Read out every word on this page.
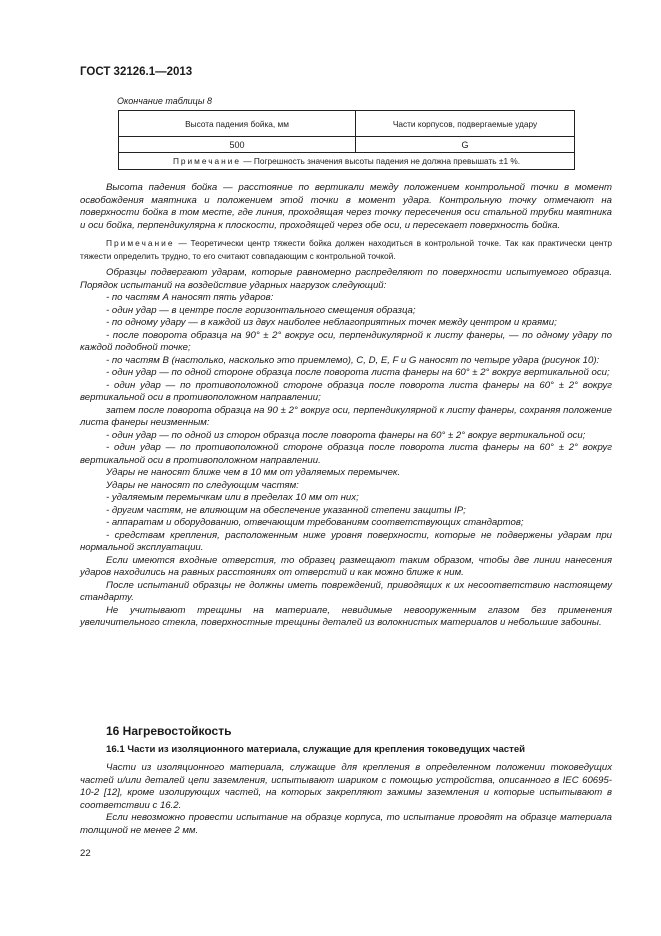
ГОСТ 32126.1—2013
Окончание таблицы 8
Высота падения бойка, мм	Части корпусов, подвергаемые удару
500	G
Примечание — Погрешность значения высоты падения не должна превышать ±1 %.	

Высота падения бойка — расстояние по вертикали между положением контрольной точки в момент освобождения маятника и положением этой точки в момент удара. Контрольную точку отмечают на поверхности бойка в том месте, где линия, проходящая через точку пересечения оси стальной трубки маятника и оси бойка, перпендикулярна к плоскости, проходящей через обе оси, и пересекает поверхность бойка.

Примечание — Теоретически центр тяжести бойка должен находиться в контрольной точке. Так как практически центр тяжести определить трудно, то его считают совпадающим с контрольной точкой.

Образцы подвергают ударам, которые равномерно распределяют по поверхности испытуемого образца. Порядок испытаний на воздействие ударных нагрузок следующий:

- по частям А наносят пять ударов:

- один удар — в центре после горизонтального смещения образца;

- по одному удару — в каждой из двух наиболее неблагоприятных точек между центром и краями;

- после поворота образца на 90° ± 2° вокруг оси, перпендикулярной к листу фанеры, — по одному удару по каждой подобной точке;

- по частям В (настолько, насколько это приемлемо), C, D, E, F и G наносят по четыре удара (рисунок 10):

- один удар — по одной стороне образца после поворота листа фанеры на 60° ± 2° вокруг вертикальной оси;

- один удар — по противоположной стороне образца после поворота листа фанеры на 60° ± 2° вокруг вертикальной оси в противоположном направлении;

затем после поворота образца на 90 ± 2° вокруг оси, перпендикулярной к листу фанеры, сохраняя положение листа фанеры неизменным:

- один удар — по одной из сторон образца после поворота фанеры на 60° ± 2° вокруг вертикальной оси;

- один удар — по противоположной стороне образца после поворота листа фанеры на 60° ± 2° вокруг вертикальной оси в противоположном направлении.

Удары не наносят ближе чем в 10 мм от удаляемых перемычек.

Удары не наносят по следующим частям:

- удаляемым перемычкам или в пределах 10 мм от них;

- другим частям, не влияющим на обеспечение указанной степени защиты IP;

- аппаратам и оборудованию, отвечающим требованиям соответствующих стандартов;

- средствам крепления, расположенным ниже уровня поверхности, которые не подвержены ударам при нормальной эксплуатации.

Если имеются входные отверстия, то образец размещают таким образом, чтобы две линии нанесения ударов находились на равных расстояниях от отверстий и как можно ближе к ним.

После испытаний образцы не должны иметь повреждений, приводящих к их несоответствию настоящему стандарту.

Не учитывают трещины на материале, невидимые невооруженным глазом без применения увеличительного стекла, поверхностные трещины деталей из волокнистых материалов и небольшие забоины.

16 Нагревостойкость
16.1 Части из изоляционного материала, служащие для крепления токоведущих частей

Части из изоляционного материала, служащие для крепления в определенном положении токоведущих частей и/или деталей цепи заземления, испытывают шариком с помощью устройства, описанного в IEC 60695-10-2 [12], кроме изолирующих частей, на которых закрепляют зажимы заземления и которые испытывают в соответствии с 16.2.

Если невозможно провести испытание на образце корпуса, то испытание проводят на образце материала толщиной не менее 2 мм.

22
